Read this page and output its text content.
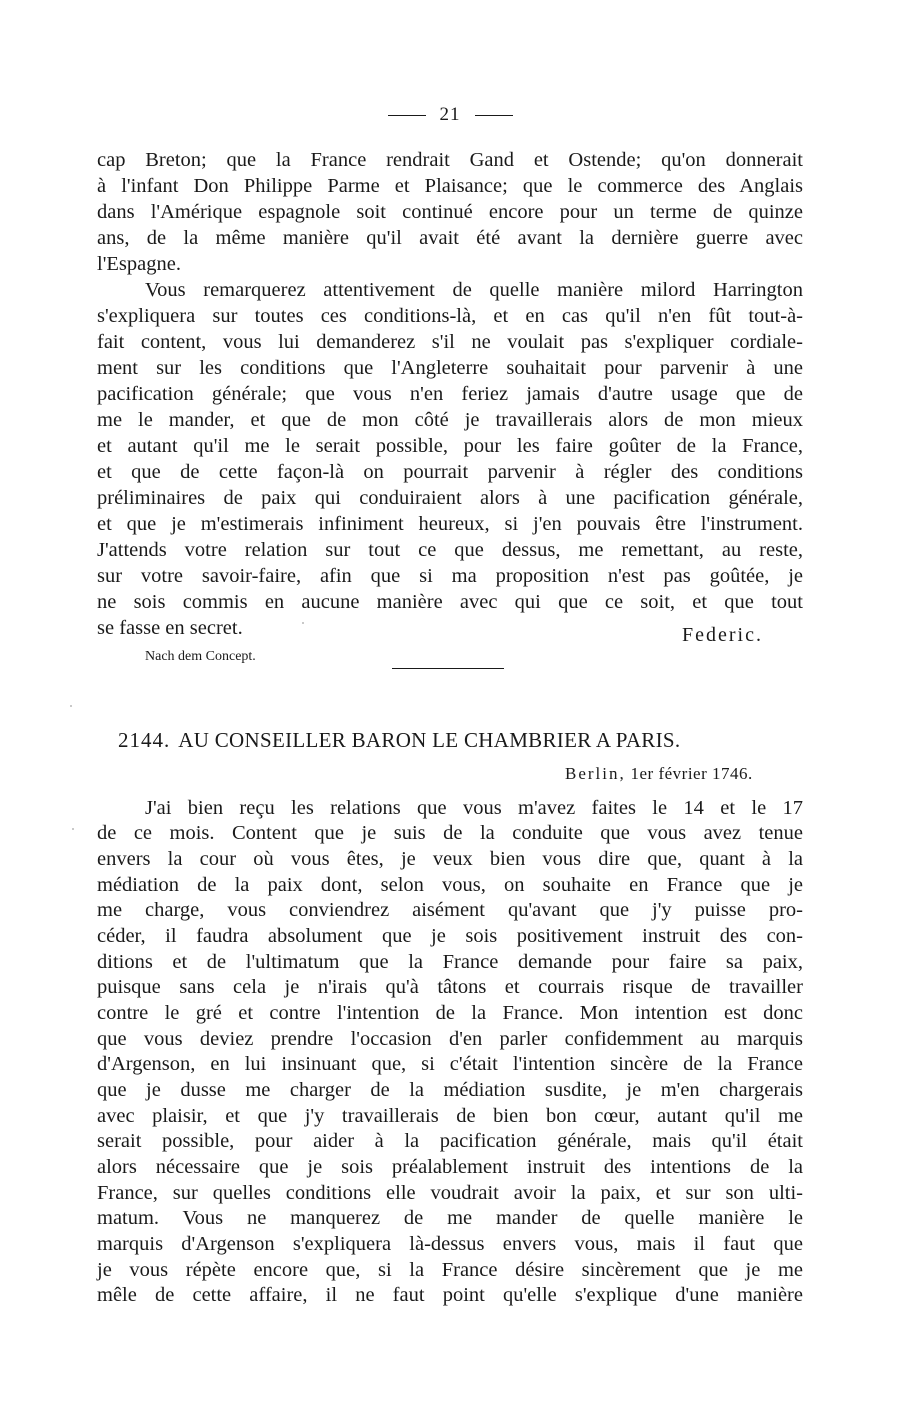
21
cap Breton; que la France rendrait Gand et Ostende; qu'on donnerait
à l'infant Don Philippe Parme et Plaisance; que le commerce des Anglais
dans l'Amérique espagnole soit continué encore pour un terme de quinze
ans, de la même manière qu'il avait été avant la dernière guerre avec
l'Espagne.
Vous remarquerez attentivement de quelle manière milord Harrington
s'expliquera sur toutes ces conditions-là, et en cas qu'il n'en fût tout-à-
fait content, vous lui demanderez s'il ne voulait pas s'expliquer cordiale-
ment sur les conditions que l'Angleterre souhaitait pour parvenir à une
pacification générale; que vous n'en feriez jamais d'autre usage que de
me le mander, et que de mon côté je travaillerais alors de mon mieux
et autant qu'il me le serait possible, pour les faire goûter de la France,
et que de cette façon-là on pourrait parvenir à régler des conditions
préliminaires de paix qui conduiraient alors à une pacification générale,
et que je m'estimerais infiniment heureux, si j'en pouvais être l'instrument.
J'attends votre relation sur tout ce que dessus, me remettant, au reste,
sur votre savoir-faire, afin que si ma proposition n'est pas goûtée, je
ne sois commis en aucune manière avec qui que ce soit, et que tout
se fasse en secret.	Federic.
Nach dem Concept.
2144. AU CONSEILLER BARON LE CHAMBRIER A PARIS.
Berlin, 1er février 1746.
J'ai bien reçu les relations que vous m'avez faites le 14 et le 17
de ce mois. Content que je suis de la conduite que vous avez tenue
envers la cour où vous êtes, je veux bien vous dire que, quant à la
médiation de la paix dont, selon vous, on souhaite en France que je
me charge, vous conviendrez aisément qu'avant que j'y puisse pro-
céder, il faudra absolument que je sois positivement instruit des con-
ditions et de l'ultimatum que la France demande pour faire sa paix,
puisque sans cela je n'irais qu'à tâtons et courrais risque de travailler
contre le gré et contre l'intention de la France. Mon intention est donc
que vous deviez prendre l'occasion d'en parler confidemment au marquis
d'Argenson, en lui insinuant que, si c'était l'intention sincère de la France
que je dusse me charger de la médiation susdite, je m'en chargerais
avec plaisir, et que j'y travaillerais de bien bon cœur, autant qu'il me
serait possible, pour aider à la pacification générale, mais qu'il était
alors nécessaire que je sois préalablement instruit des intentions de la
France, sur quelles conditions elle voudrait avoir la paix, et sur son ulti-
matum. Vous ne manquerez de me mander de quelle manière le
marquis d'Argenson s'expliquera là-dessus envers vous, mais il faut que
je vous répète encore que, si la France désire sincèrement que je me
mêle de cette affaire, il ne faut point qu'elle s'explique d'une manière
